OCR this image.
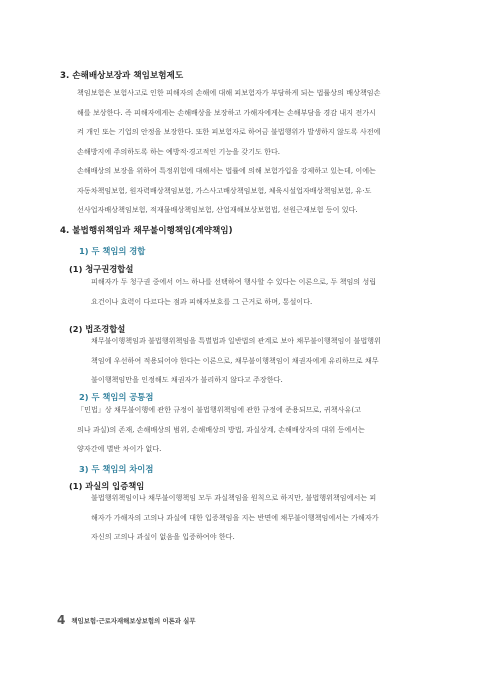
3. 손해배상보장과 책임보험제도
책임보험은 보험사고로 인한 피해자의 손해에 대해 피보험자가 부담하게 되는 법률상의 배상책임손
해를 보상한다. 즉 피해자에게는 손해배상을 보장하고 가해자에게는 손해부담을 경감 내지 전가시
켜 개인 또는 기업의 안정을 보장한다. 또한 피보험자로 하여금 불법행위가 발생하지 않도록 사전에
손해방지에 주의하도록 하는 예방적·경고적인 기능을 갖기도 한다.
손해배상의 보장을 위하여 특정위험에 대해서는 법률에 의해 보험가입을 강제하고 있는데, 이에는
자동차책임보험, 원자력배상책임보험, 가스사고배상책임보험, 체육시설업자배상책임보험, 유·도
선사업자배상책임보험, 적재물배상책임보험, 산업재해보상보험법, 선원근재보험 등이 있다.
4. 불법행위책임과 채무불이행책임(계약책임)
1) 두 책임의 경합
(1) 청구권경합설
피해자가 두 청구권 중에서 어느 하나를 선택하여 행사할 수 있다는 이론으로, 두 책임의 성립
요건이나 효력이 다르다는 점과 피해자보호를 그 근거로 하며, 통설이다.
(2) 법조경합설
채무불이행책임과 불법행위책임을 특별법과 일반법의 관계로 보아 채무불이행책임이 불법행위
책임에 우선하여 적용되어야 한다는 이론으로, 채무불이행책임이 채권자에게 유리하므로 채무
불이행책임만을 인정해도 채권자가 불리하지 않다고 주장한다.
2) 두 책임의 공통점
「민법」상 채무불이행에 관한 규정이 불법행위책임에 관한 규정에 준용되므로, 귀책사유(고
의나 과실)의 존재, 손해배상의 범위, 손해배상의 방법, 과실상계, 손해배상자의 대위 등에서는
양자간에 별반 차이가 없다.
3) 두 책임의 차이점
(1) 과실의 입증책임
불법행위책임이나 채무불이행책임 모두 과실책임을 원칙으로 하지만, 불법행위책임에서는 피
해자가 가해자의 고의나 과실에 대한 입증책임을 지는 반면에 채무불이행책임에서는 가해자가
자신의 고의나 과실이 없음을 입증하여야 한다.
4 책임보험·근로자재해보상보험의 이론과 실무
